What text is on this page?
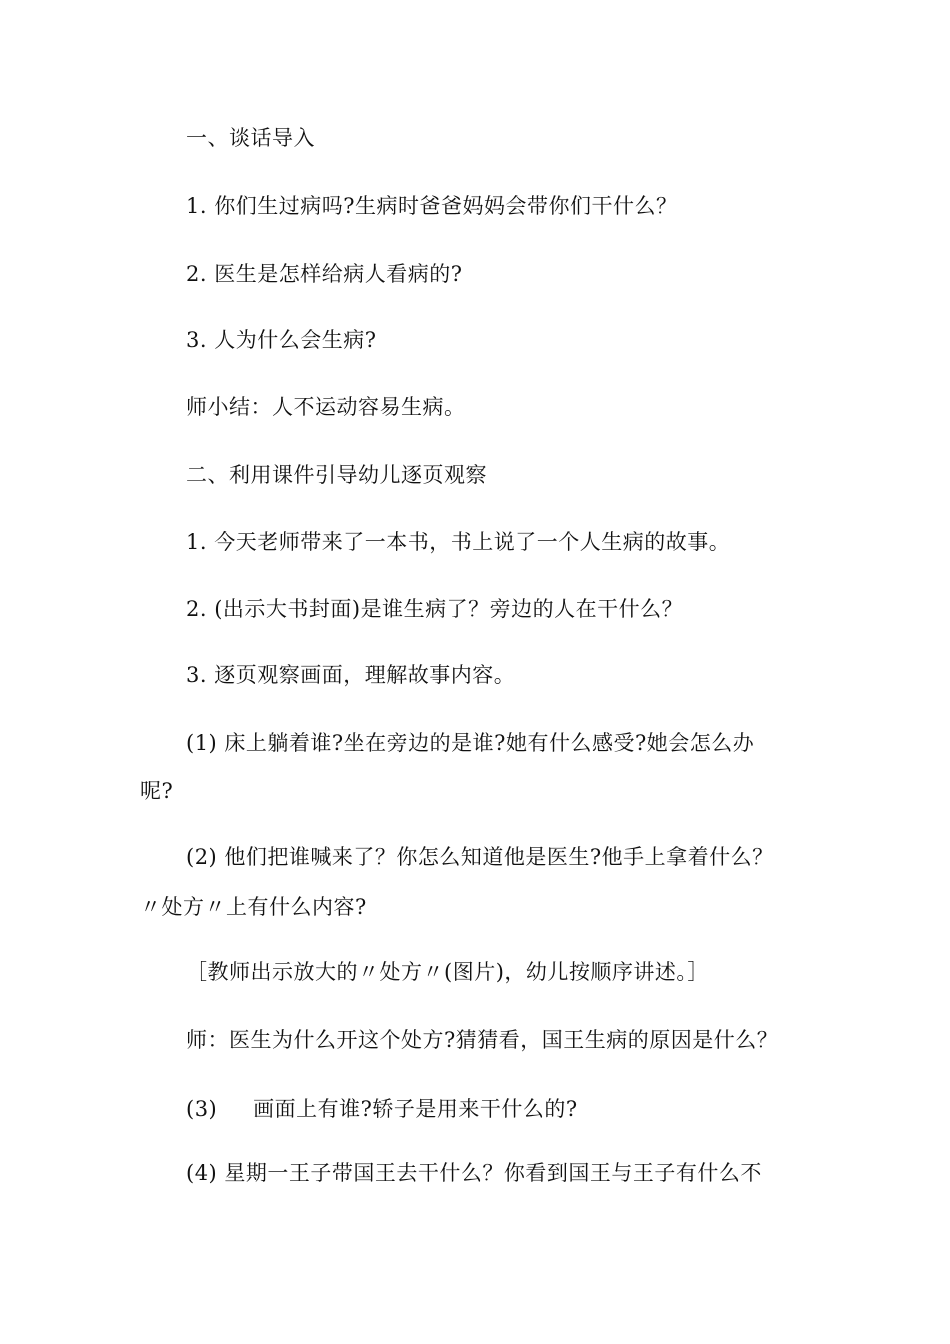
一、谈话导入

1. 你们生过病吗?生病时爸爸妈妈会带你们干什么？

2. 医生是怎样给病人看病的?

3. 人为什么会生病?

师小结：人不运动容易生病。

二、利用课件引导幼儿逐页观察

1. 今天老师带来了一本书，书上说了一个人生病的故事。

2. (出示大书封面)是谁生病了？旁边的人在干什么？

3. 逐页观察画面，理解故事内容。

(1) 床上躺着谁?坐在旁边的是谁?她有什么感受?她会怎么办

呢?

(2) 他们把谁喊来了？你怎么知道他是医生?他手上拿着什么？

〃处方〃上有什么内容?

［教师出示放大的〃处方〃(图片)，幼儿按顺序讲述。］

师：医生为什么开这个处方?猜猜看，国王生病的原因是什么？

(3)     画面上有谁?轿子是用来干什么的?

(4) 星期一王子带国王去干什么？你看到国王与王子有什么不
